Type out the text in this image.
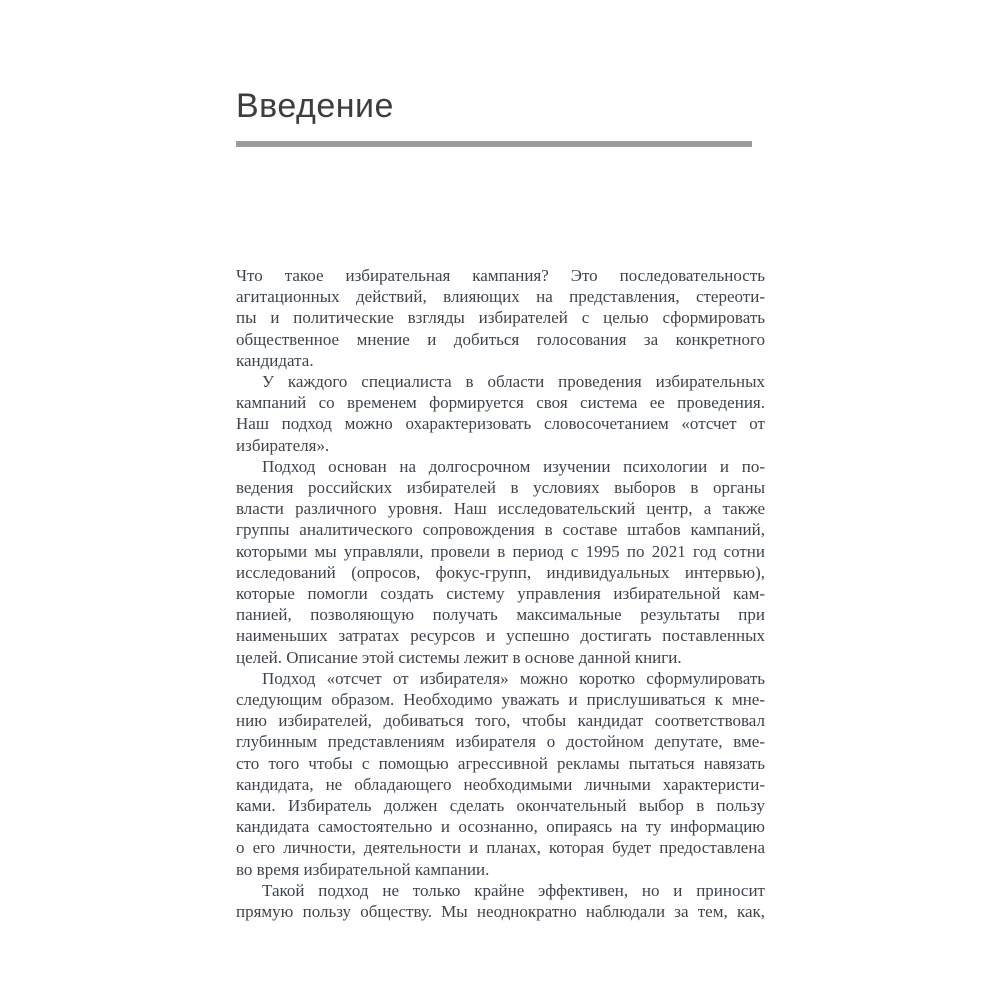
Введение
Что такое избирательная кампания? Это последовательность
агитационных действий, влияющих на представления, стереоти-
пы и политические взгляды избирателей с целью сформировать
общественное мнение и добиться голосования за конкретного
кандидата.
У каждого специалиста в области проведения избирательных
кампаний со временем формируется своя система ее проведения.
Наш подход можно охарактеризовать словосочетанием «отсчет от
избирателя».
Подход основан на долгосрочном изучении психологии и по-
ведения российских избирателей в условиях выборов в органы
власти различного уровня. Наш исследовательский центр, а также
группы аналитического сопровождения в составе штабов кампаний,
которыми мы управляли, провели в период с 1995 по 2021 год сотни
исследований (опросов, фокус-групп, индивидуальных интервью),
которые помогли создать систему управления избирательной кам-
панией, позволяющую получать максимальные результаты при
наименьших затратах ресурсов и успешно достигать поставленных
целей. Описание этой системы лежит в основе данной книги.
Подход «отсчет от избирателя» можно коротко сформулировать
следующим образом. Необходимо уважать и прислушиваться к мне-
нию избирателей, добиваться того, чтобы кандидат соответствовал
глубинным представлениям избирателя о достойном депутате, вме-
сто того чтобы с помощью агрессивной рекламы пытаться навязать
кандидата, не обладающего необходимыми личными характеристи-
ками. Избиратель должен сделать окончательный выбор в пользу
кандидата самостоятельно и осознанно, опираясь на ту информацию
о его личности, деятельности и планах, которая будет предоставлена
во время избирательной кампании.
Такой подход не только крайне эффективен, но и приносит
прямую пользу обществу. Мы неоднократно наблюдали за тем, как,
